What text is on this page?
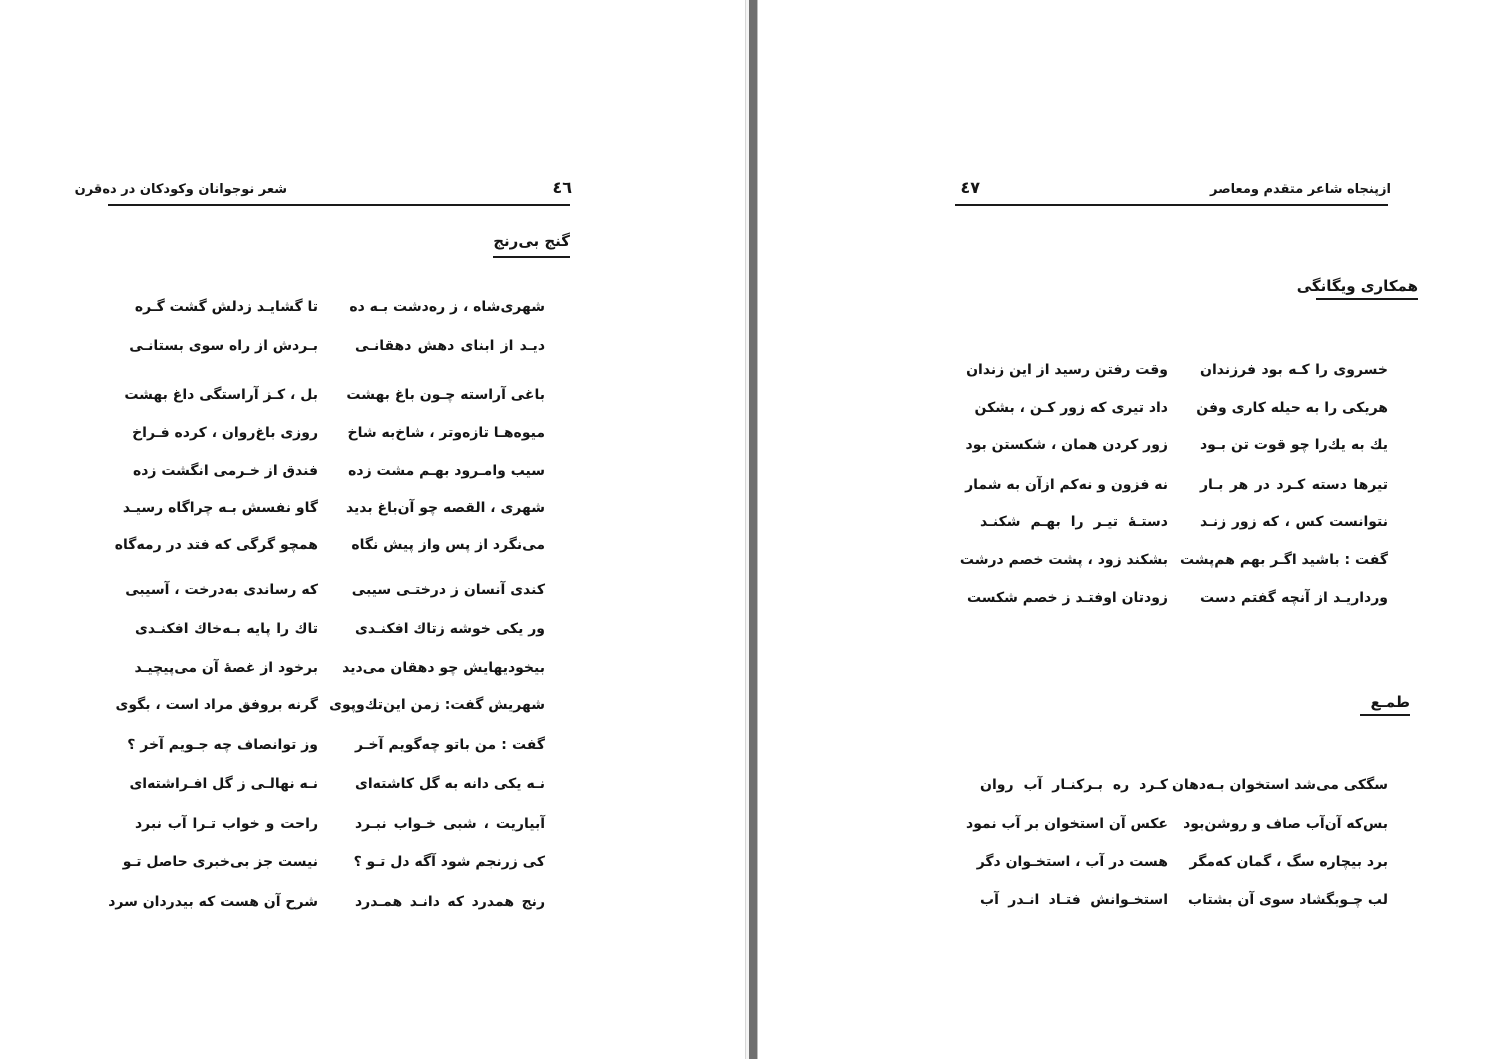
٤٦
شعر نوجوانان وکودکان در ده‌قرن
گنج بی‌رنج
شهری‌شاه ، ز ره‌دشت بـه ده
تا گشایـد زدلش گشت گـره
دیـد از ابنای دهش دهقانـی
بـردش از راه سوی بستانـی
باغی آراسته چـون باغ بهشت
بل ، کـز آراستگی داغ بهشت
میوه‌هـا تازه‌وتر ، شاخ‌به شاخ
روزی باغ‌روان ، کرده فـراخ
سیب وامـرود بهـم مشت زده
فندق از خـرمی انگشت زده
شهری ، القصه چو آن‌باغ بدید
گاو نفسش بـه چراگاه رسیـد
می‌نگرد از پس واز پیش نگاه
همچو گرگی که فتد در رمه‌گاه
کندی آنسان ز درختـی سیبی
که رساندی به‌درخت ، آسیبی
ور یکی خوشه زتاك افکنـدی
تاك را پایه بـه‌خاك افکنـدی
بیخودیهایش چو دهقان می‌دید
برخود از غصهٔ آن می‌پیچیـد
شهریش گفت: زمن این‌تك‌وپوی
گرنه بروفق مراد است ، بگوی
گفت : من باتو چه‌گویم آخـر
وز توانصاف چه جـویم آخر ؟
نـه یکی دانه به گل کاشته‌ای
نـه نهالـی ز گل افـراشته‌ای
آبیاریت ، شبی خـواب نبـرد
راحت و خواب تـرا آب نبرد
کی زرنجم شود آگه دل تـو ؟
نیست جز بی‌خبری حاصل تـو
رنج همدرد که دانـد همـدرد
شرح آن هست که بیدردان سرد
٤٧	ازپنجاه شاعر متقدم ومعاصر
همکاری ویگانگی
خسروی را کـه بود فرزندان
وقت رفتن رسید از این زندان
هریکی را به حیله کاری وفن
داد تیری که زور کـن ، بشکن
یك به یك‌را چو قوت تن بـود
زور کردن همان ، شکستن بود
تیرها دسته کـرد در هر بـار
نه فزون و نه‌کم ازآن به شمار
نتوانست کس ، که زور زنـد
دستـهٔ تیـر را بهـم شکنـد
گفت : باشید اگـر بهم هم‌پشت
بشکند زود ، پشت خصم درشت
ورداریـد از آنچه گفتم دست
زودتان اوفتـد ز خصم شکست
طمـع
سگکی می‌شد استخوان بـه‌دهان
کـرد ره بـرکنـار آب روان
بس‌که آن‌آب صاف و روشن‌بود
عکس آن استخوان بر آب نمود
برد بیچاره سگ ، گمان که‌مگر
هست در آب ، استخـوان دگر
لب چـوبگشاد سوی آن بشتاب
استخـوانش فتـاد انـدر آب
